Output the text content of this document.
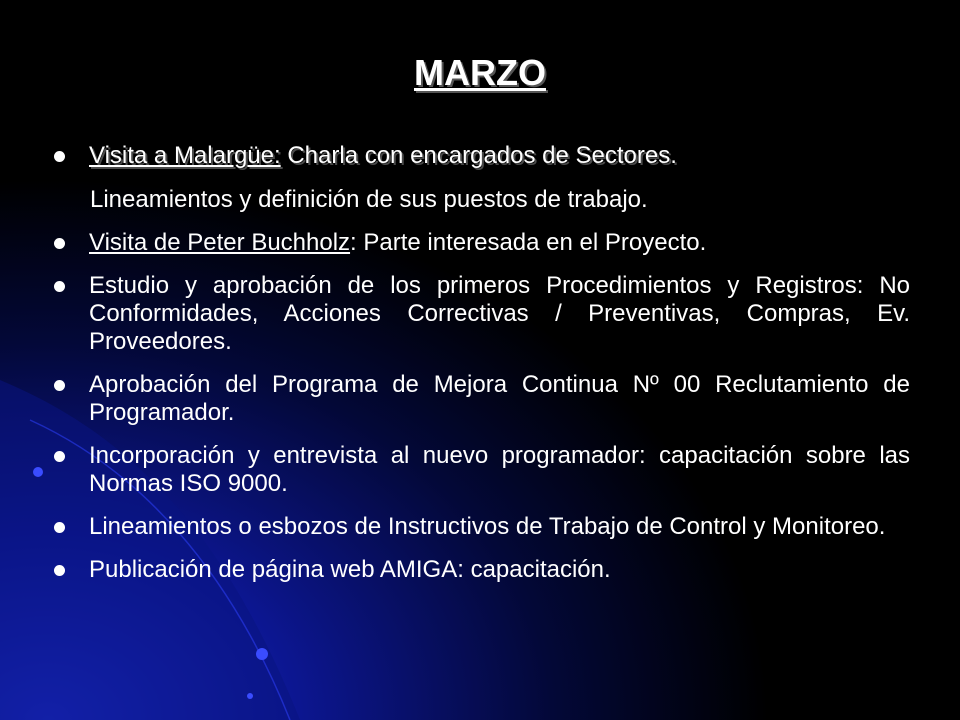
MARZO
Visita a Malargüe: Charla con encargados de Sectores.
Visita de Peter Buchholz: Parte interesada en el Proyecto.
Estudio y aprobación de los primeros Procedimientos y Registros: No Conformidades, Acciones Correctivas / Preventivas, Compras, Ev. Proveedores.
Aprobación del Programa de Mejora Continua Nº 00 Reclutamiento de Programador.
Incorporación y entrevista al nuevo programador: capacitación sobre las Normas ISO 9000.
Lineamientos o esbozos de Instructivos de Trabajo de Control y Monitoreo.
Publicación de página web AMIGA: capacitación.

Lineamientos y definición de sus puestos de trabajo.
